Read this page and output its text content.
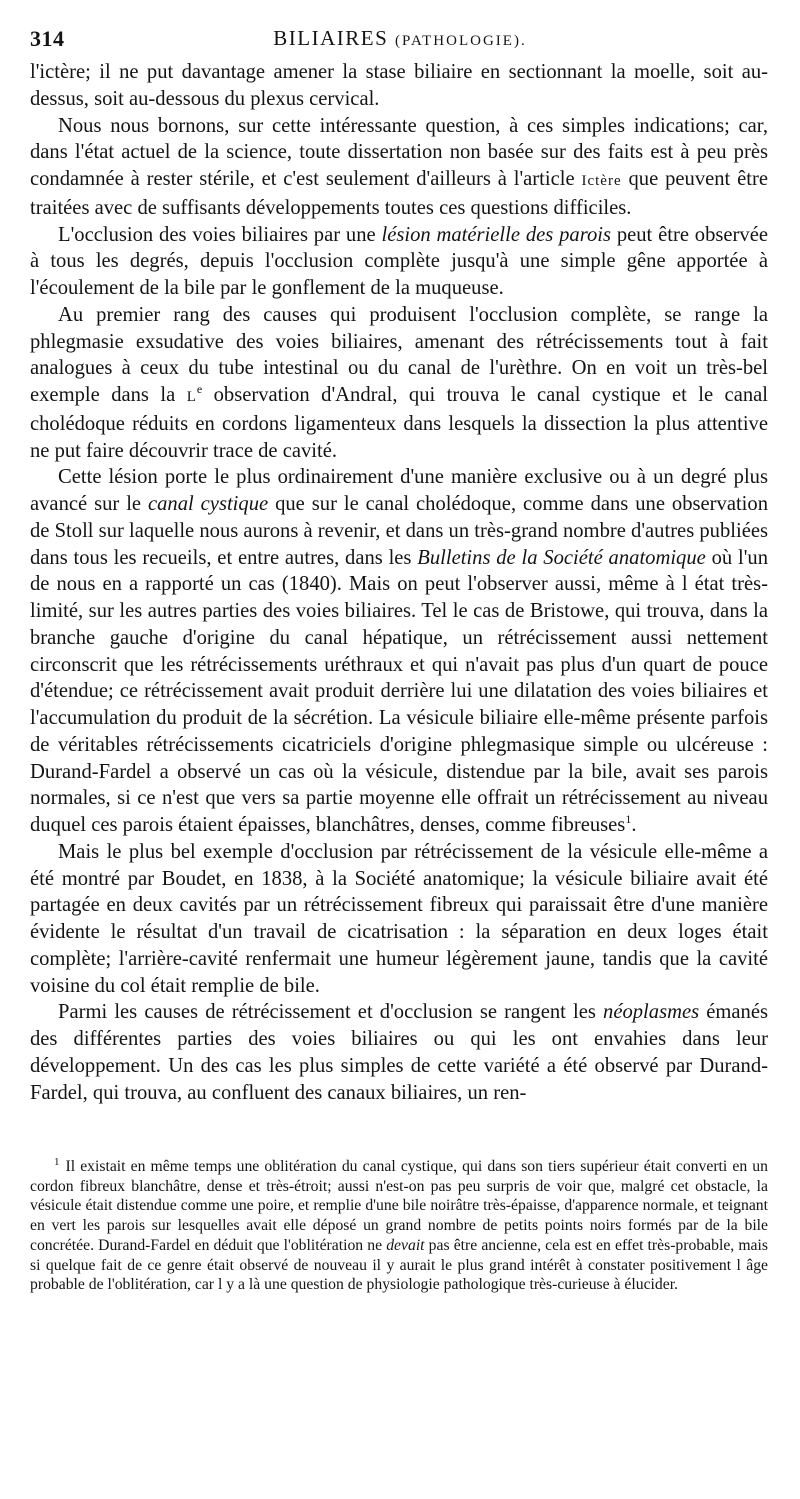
314	BILIAIRES (PATHOLOGIE).

l'ictère; il ne put davantage amener la stase biliaire en sectionnant la moelle, soit au-dessus, soit au-dessous du plexus cervical.

Nous nous bornons, sur cette intéressante question, à ces simples indications; car, dans l'état actuel de la science, toute dissertation non basée sur des faits est à peu près condamnée à rester stérile, et c'est seulement d'ailleurs à l'article Ictère que peuvent être traitées avec de suffisants développements toutes ces questions difficiles.

L'occlusion des voies biliaires par une lésion matérielle des parois peut être observée à tous les degrés, depuis l'occlusion complète jusqu'à une simple gêne apportée à l'écoulement de la bile par le gonflement de la muqueuse.

Au premier rang des causes qui produisent l'occlusion complète, se range la phlegmasie exsudative des voies biliaires, amenant des rétrécissements tout à fait analogues à ceux du tube intestinal ou du canal de l'urèthre. On en voit un très-bel exemple dans la Le observation d'Andral, qui trouva le canal cystique et le canal cholédoque réduits en cordons ligamenteux dans lesquels la dissection la plus attentive ne put faire découvrir trace de cavité.

Cette lésion porte le plus ordinairement d'une manière exclusive ou à un degré plus avancé sur le canal cystique que sur le canal cholédoque, comme dans une observation de Stoll sur laquelle nous aurons à revenir, et dans un très-grand nombre d'autres publiées dans tous les recueils, et entre autres, dans les Bulletins de la Société anatomique où l'un de nous en a rapporté un cas (1840). Mais on peut l'observer aussi, même à l état très-limité, sur les autres parties des voies biliaires. Tel le cas de Bristowe, qui trouva, dans la branche gauche d'origine du canal hépatique, un rétrécissement aussi nettement circonscrit que les rétrécissements uréthraux et qui n'avait pas plus d'un quart de pouce d'étendue; ce rétrécissement avait produit derrière lui une dilatation des voies biliaires et l'accumulation du produit de la sécrétion. La vésicule biliaire elle-même présente parfois de véritables rétrécissements cicatriciels d'origine phlegmasique simple ou ulcéreuse : Durand-Fardel a observé un cas où la vésicule, distendue par la bile, avait ses parois normales, si ce n'est que vers sa partie moyenne elle offrait un rétrécissement au niveau duquel ces parois étaient épaisses, blanchâtres, denses, comme fibreuses$^1$.

Mais le plus bel exemple d'occlusion par rétrécissement de la vésicule elle-même a été montré par Boudet, en 1838, à la Société anatomique; la vésicule biliaire avait été partagée en deux cavités par un rétrécissement fibreux qui paraissait être d'une manière évidente le résultat d'un travail de cicatrisation : la séparation en deux loges était complète; l'arrière-cavité renfermait une humeur légèrement jaune, tandis que la cavité voisine du col était remplie de bile.

Parmi les causes de rétrécissement et d'occlusion se rangent les néoplasmes émanés des différentes parties des voies biliaires ou qui les ont envahies dans leur développement. Un des cas les plus simples de cette variété a été observé par Durand-Fardel, qui trouva, au confluent des canaux biliaires, un ren-

$^1$ Il existait en même temps une oblitération du canal cystique, qui dans son tiers supérieur était converti en un cordon fibreux blanchâtre, dense et très-étroit; aussi n'est-on pas peu surpris de voir que, malgré cet obstacle, la vésicule était distendue comme une poire, et remplie d'une bile noirâtre très-épaisse, d'apparence normale, et teignant en vert les parois sur lesquelles avait elle déposé un grand nombre de petits points noirs formés par de la bile concrétée. Durand-Fardel en déduit que l'oblitération ne devait pas être ancienne, cela est en effet très-probable, mais si quelque fait de ce genre était observé de nouveau il y aurait le plus grand intérêt à constater positivement l âge probable de l'oblitération, car l y a là une question de physiologie pathologique très-curieuse à élucider.
